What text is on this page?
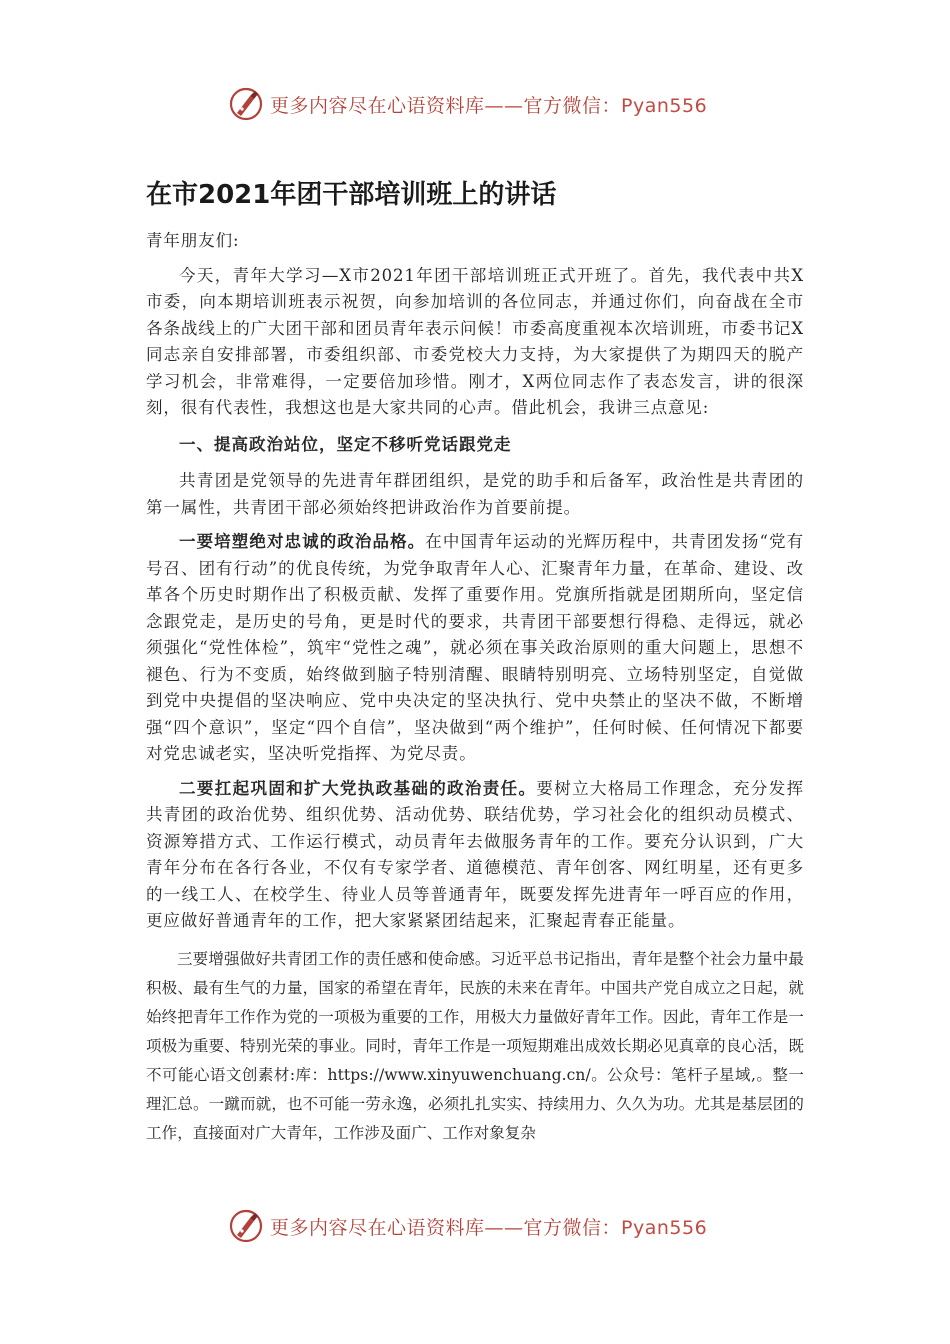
更多内容尽在心语资料库——官方微信：Pyan556
在市2021年团干部培训班上的讲话

青年朋友们:

今天，青年大学习—X市2021年团干部培训班正式开班了。首先，我代表中共X市委，向本期培训班表示祝贺，向参加培训的各位同志，并通过你们，向奋战在全市各条战线上的广大团干部和团员青年表示问候！市委高度重视本次培训班，市委书记X同志亲自安排部署，市委组织部、市委党校大力支持，为大家提供了为期四天的脱产学习机会，非常难得，一定要倍加珍惜。刚才，X两位同志作了表态发言，讲的很深刻，很有代表性，我想这也是大家共同的心声。借此机会，我讲三点意见:

一、提高政治站位，坚定不移听党话跟党走

共青团是党领导的先进青年群团组织，是党的助手和后备军，政治性是共青团的第一属性，共青团干部必须始终把讲政治作为首要前提。

一要培塑绝对忠诚的政治品格。在中国青年运动的光辉历程中，共青团发扬“党有号召、团有行动”的优良传统，为党争取青年人心、汇聚青年力量，在革命、建设、改革各个历史时期作出了积极贡献、发挥了重要作用。党旗所指就是团期所向，坚定信念跟党走，是历史的号角，更是时代的要求，共青团干部要想行得稳、走得远，就必须强化“党性体检”，筑牢“党性之魂”，就必须在事关政治原则的重大问题上，思想不褪色、行为不变质，始终做到脑子特别清醒、眼睛特别明亮、立场特别坚定，自觉做到党中央提倡的坚决响应、党中央决定的坚决执行、党中央禁止的坚决不做，不断增强“四个意识”，坚定“四个自信”，坚决做到“两个维护”，任何时候、任何情况下都要对党忠诚老实，坚决听党指挥、为党尽责。

二要扛起巩固和扩大党执政基础的政治责任。要树立大格局工作理念，充分发挥共青团的政治优势、组织优势、活动优势、联结优势，学习社会化的组织动员模式、资源筹措方式、工作运行模式，动员青年去做服务青年的工作。要充分认识到，广大青年分布在各行各业，不仅有专家学者、道德模范、青年创客、网红明星，还有更多的一线工人、在校学生、待业人员等普通青年，既要发挥先进青年一呼百应的作用，更应做好普通青年的工作，把大家紧紧团结起来，汇聚起青春正能量。

三要增强做好共青团工作的责任感和使命感。习近平总书记指出，青年是整个社会力量中最积极、最有生气的力量，国家的希望在青年，民族的未来在青年。中国共产党自成立之日起，就始终把青年工作作为党的一项极为重要的工作，用极大力量做好青年工作。因此，青年工作是一项极为重要、特别光荣的事业。同时，青年工作是一项短期难出成效长期必见真章的良心活，既不可能心语文创素材:库：https://www.xinyuwenchuang.cn/。公众号：笔杆子星域,。整一理汇总。一蹴而就，也不可能一劳永逸，必须扎扎实实、持续用力、久久为功。尤其是基层团的工作，直接面对广大青年，工作涉及面广、工作对象复杂

更多内容尽在心语资料库——官方微信：Pyan556
